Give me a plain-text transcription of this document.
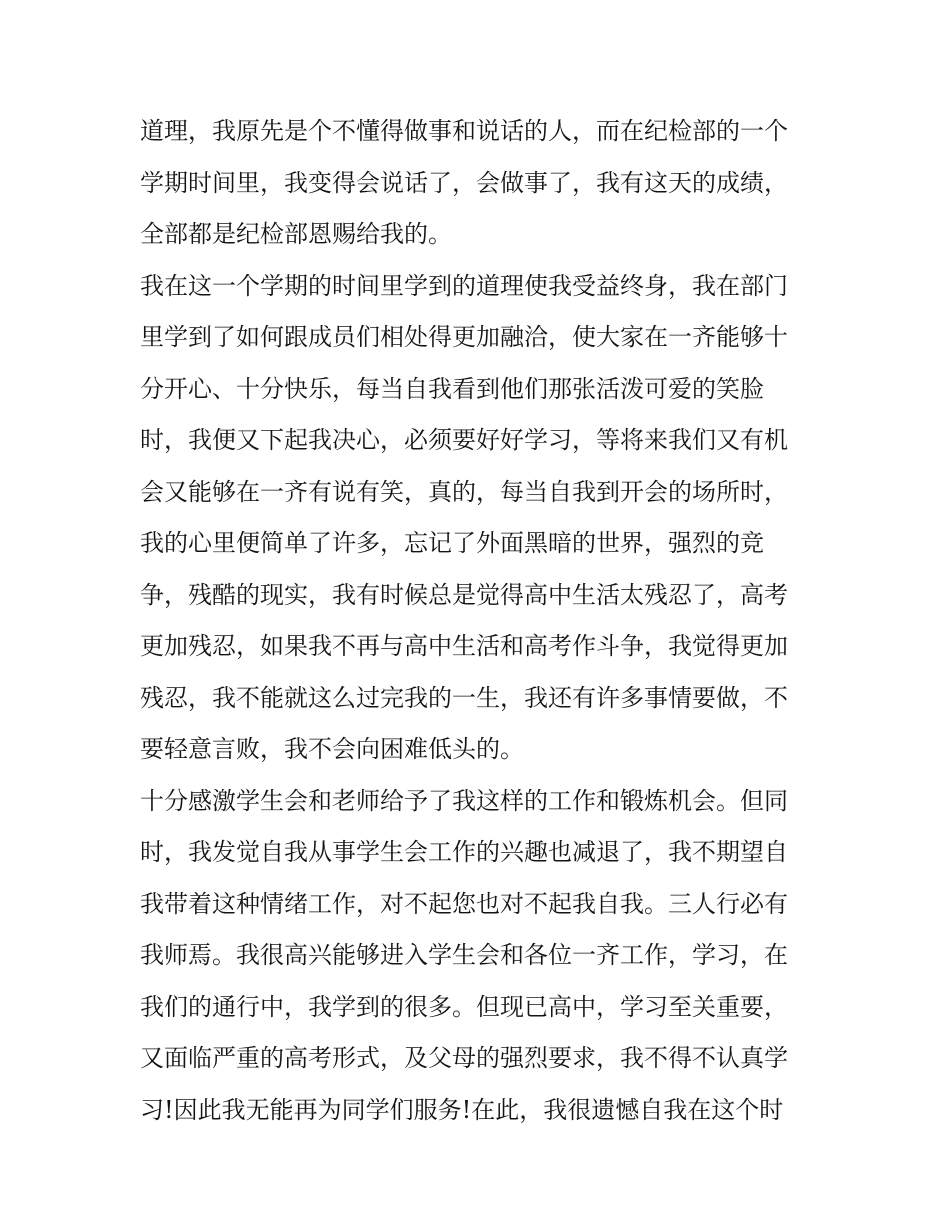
道理，我原先是个不懂得做事和说话的人，而在纪检部的一个
学期时间里，我变得会说话了，会做事了，我有这天的成绩，
全部都是纪检部恩赐给我的。
我在这一个学期的时间里学到的道理使我受益终身，我在部门
里学到了如何跟成员们相处得更加融洽，使大家在一齐能够十
分开心、十分快乐，每当自我看到他们那张活泼可爱的笑脸
时，我便又下起我决心，必须要好好学习，等将来我们又有机
会又能够在一齐有说有笑，真的，每当自我到开会的场所时，
我的心里便简单了许多，忘记了外面黑暗的世界，强烈的竞
争，残酷的现实，我有时候总是觉得高中生活太残忍了，高考
更加残忍，如果我不再与高中生活和高考作斗争，我觉得更加
残忍，我不能就这么过完我的一生，我还有许多事情要做，不
要轻意言败，我不会向困难低头的。
十分感激学生会和老师给予了我这样的工作和锻炼机会。但同
时，我发觉自我从事学生会工作的兴趣也减退了，我不期望自
我带着这种情绪工作，对不起您也对不起我自我。三人行必有
我师焉。我很高兴能够进入学生会和各位一齐工作，学习，在
我们的通行中，我学到的很多。但现已高中，学习至关重要，
又面临严重的高考形式，及父母的强烈要求，我不得不认真学
习!因此我无能再为同学们服务!在此，我很遗憾自我在这个时
